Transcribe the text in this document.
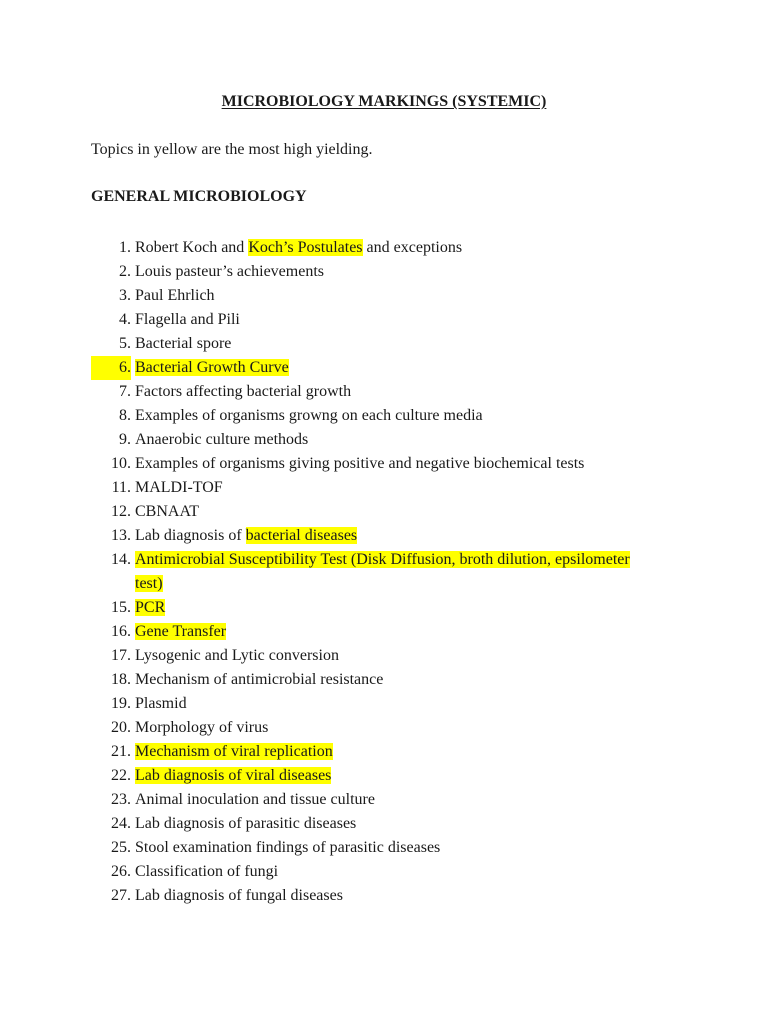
MICROBIOLOGY MARKINGS (SYSTEMIC)

Topics in yellow are the most high yielding.

GENERAL MICROBIOLOGY
1. Robert Koch and Koch’s Postulates and exceptions
2. Louis pasteur’s achievements
3. Paul Ehrlich
4. Flagella and Pili
5. Bacterial spore
6. Bacterial Growth Curve
7. Factors affecting bacterial growth
8. Examples of organisms growng on each culture media
9. Anaerobic culture methods
10. Examples of organisms giving positive and negative biochemical tests
11. MALDI-TOF
12. CBNAAT
13. Lab diagnosis of bacterial diseases
14. Antimicrobial Susceptibility Test (Disk Diffusion, broth dilution, epsilometer test)
15. PCR
16. Gene Transfer
17. Lysogenic and Lytic conversion
18. Mechanism of antimicrobial resistance
19. Plasmid
20. Morphology of virus
21. Mechanism of viral replication
22. Lab diagnosis of viral diseases
23. Animal inoculation and tissue culture
24. Lab diagnosis of parasitic diseases
25. Stool examination findings of parasitic diseases
26. Classification of fungi
27. Lab diagnosis of fungal diseases
